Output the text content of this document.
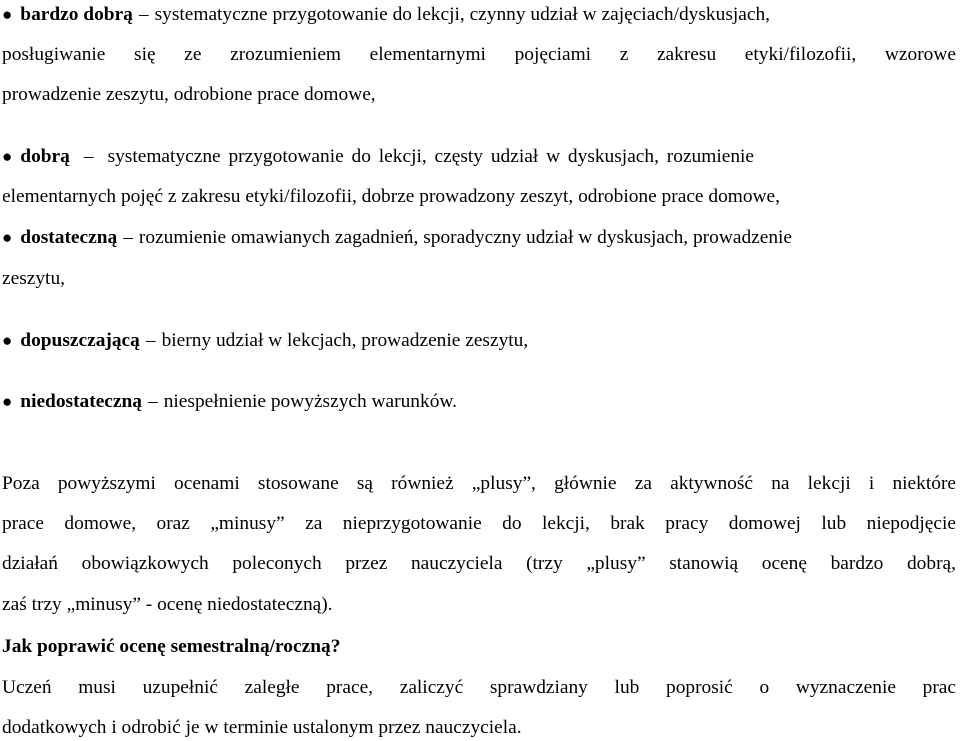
● bardzo dobrą – systematyczne przygotowanie do lekcji, czynny udział w zajęciach/dyskusjach,
posługiwanie się ze zrozumieniem elementarnymi pojęciami z zakresu etyki/filozofii, wzorowe
prowadzenie zeszytu, odrobione prace domowe,
● dobrą – systematyczne przygotowanie do lekcji, częsty udział w dyskusjach, rozumienie
elementarnych pojęć z zakresu etyki/filozofii, dobrze prowadzony zeszyt, odrobione prace domowe,
● dostateczną – rozumienie omawianych zagadnień, sporadyczny udział w dyskusjach, prowadzenie
zeszytu,
● dopuszczającą – bierny udział w lekcjach, prowadzenie zeszytu,
● niedostateczną – niespełnienie powyższych warunków.
Poza powyższymi ocenami stosowane są również „plusy”, głównie za aktywność na lekcji i niektóre
prace domowe, oraz „minusy” za nieprzygotowanie do lekcji, brak pracy domowej lub niepodjęcie
działań obowiązkowych poleconych przez nauczyciela (trzy „plusy” stanowią ocenę bardzo dobrą,
zaś trzy „minusy” - ocenę niedostateczną).
Jak poprawić ocenę semestralną/roczną?
Uczeń musi uzupełnić zaległe prace, zaliczyć sprawdziany lub poprosić o wyznaczenie prac
dodatkowych i odrobić je w terminie ustalonym przez nauczyciela.
